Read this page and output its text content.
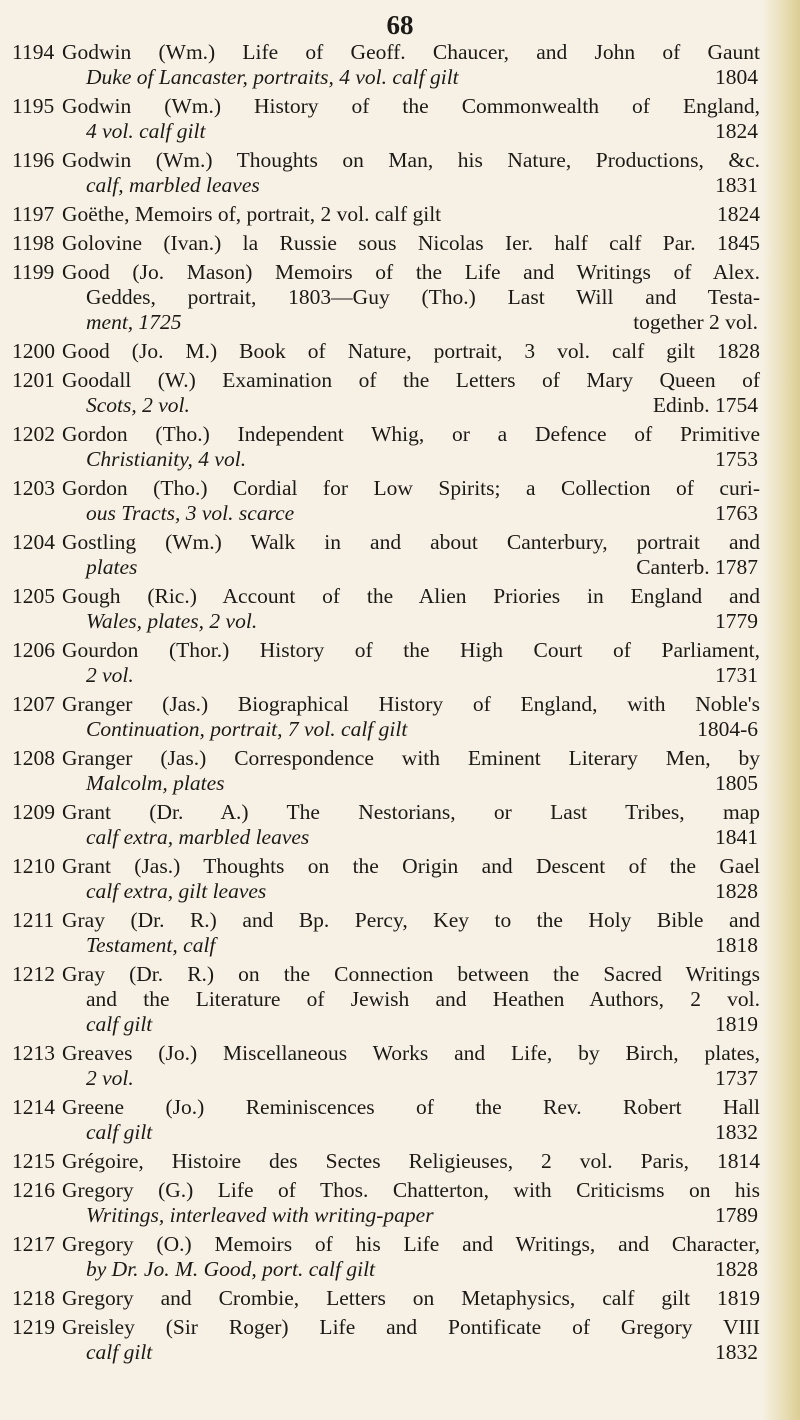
68
1194 Godwin (Wm.) Life of Geoff. Chaucer, and John of Gaunt
Duke of Lancaster, portraits, 4 vol. calf gilt	1804
1195 Godwin (Wm.) History of the Commonwealth of England,
4 vol. calf gilt	1824
1196 Godwin (Wm.) Thoughts on Man, his Nature, Productions, &c.
calf, marbled leaves	1831
1197 Goëthe, Memoirs of, portrait, 2 vol. calf gilt	1824
1198 Golovine (Ivan.) la Russie sous Nicolas Ier. half calf Par. 1845
1199 Good (Jo. Mason) Memoirs of the Life and Writings of Alex.
Geddes, portrait, 1803—Guy (Tho.) Last Will and Testa-
ment, 1725	together 2 vol.
1200 Good (Jo. M.) Book of Nature, portrait, 3 vol. calf gilt 1828
1201 Goodall (W.) Examination of the Letters of Mary Queen of
Scots, 2 vol.	Edinb. 1754
1202 Gordon (Tho.) Independent Whig, or a Defence of Primitive
Christianity, 4 vol.	1753
1203 Gordon (Tho.) Cordial for Low Spirits; a Collection of curi-
ous Tracts, 3 vol. scarce	1763
1204 Gostling (Wm.) Walk in and about Canterbury, portrait and
plates	Canterb. 1787
1205 Gough (Ric.) Account of the Alien Priories in England and
Wales, plates, 2 vol.	1779
1206 Gourdon (Thor.) History of the High Court of Parliament,
2 vol.	1731
1207 Granger (Jas.) Biographical History of England, with Noble's
Continuation, portrait, 7 vol. calf gilt	1804-6
1208 Granger (Jas.) Correspondence with Eminent Literary Men, by
Malcolm, plates	1805
1209 Grant (Dr. A.) The Nestorians, or Last Tribes, map
calf extra, marbled leaves	1841
1210 Grant (Jas.) Thoughts on the Origin and Descent of the Gael
calf extra, gilt leaves	1828
1211 Gray (Dr. R.) and Bp. Percy, Key to the Holy Bible and
Testament, calf	1818
1212 Gray (Dr. R.) on the Connection between the Sacred Writings
and the Literature of Jewish and Heathen Authors, 2 vol.
calf gilt	1819
1213 Greaves (Jo.) Miscellaneous Works and Life, by Birch, plates,
2 vol.	1737
1214 Greene (Jo.) Reminiscences of the Rev. Robert Hall
calf gilt	1832
1215 Grégoire, Histoire des Sectes Religieuses, 2 vol. Paris, 1814
1216 Gregory (G.) Life of Thos. Chatterton, with Criticisms on his
Writings, interleaved with writing-paper	1789
1217 Gregory (O.) Memoirs of his Life and Writings, and Character,
by Dr. Jo. M. Good, port. calf gilt	1828
1218 Gregory and Crombie, Letters on Metaphysics, calf gilt 1819
1219 Greisley (Sir Roger) Life and Pontificate of Gregory VIII
calf gilt	1832
